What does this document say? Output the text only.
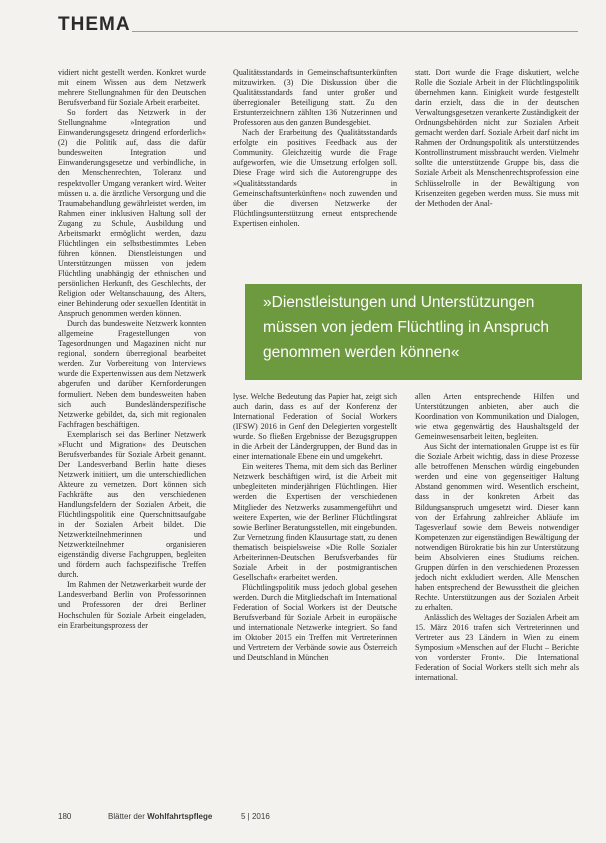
THEMA

vidiert nicht gestellt werden. Konkret wurde mit einem Wissen aus dem Netzwerk mehrere Stellungnahmen für den Deutschen Berufsverband für Soziale Arbeit erarbeitet.

So fordert das Netzwerk in der Stellungnahme »Integration und Einwanderungsgesetz dringend erforderlich« (2) die Politik auf, dass die dafür bundesweiten Integration und Einwanderungsgesetze und verbindliche, in den Menschenrechten, Toleranz und respektvoller Umgang verankert wird. Weiter müssen u. a. die ärztliche Versorgung und die Traumabehandlung gewährleistet werden, im Rahmen einer inklusiven Haltung soll der Zugang zu Schule, Ausbildung und Arbeitsmarkt ermöglicht werden, dazu Flüchtlingen ein selbstbestimmtes Leben führen können. Dienstleistungen und Unterstützungen müssen von jedem Flüchtling unabhängig der ethnischen und persönlichen Herkunft, des Geschlechts, der Religion oder Weltanschauung, des Alters, einer Behinderung oder sexuellen Identität in Anspruch genommen werden können.

Durch das bundesweite Netzwerk konnten allgemeine Fragestellungen von Tagesordnungen und Magazinen nicht nur regional, sondern überregional bearbeitet werden. Zur Vorbereitung von Interviews wurde die Expertenwissen aus dem Netzwerk abgerufen und darüber Kernforderungen formuliert. Neben dem bundesweiten haben sich auch Bundesländerspezifische Netzwerke gebildet, da, sich mit regionalen Fachfragen beschäftigen.

Exemplarisch sei das Berliner Netzwerk »Flucht und Migration« des Deutschen Berufsverbandes für Soziale Arbeit genannt. Der Landesverband Berlin hatte dieses Netzwerk initiiert, um die unterschiedlichen Akteure zu vernetzen. Dort können sich Fachkräfte aus den verschiedenen Handlungsfeldern der Sozialen Arbeit, die Flüchtlingspolitik eine Querschnittsaufgabe in der Sozialen Arbeit bildet. Die Netzwerkteilnehmerinnen und Netzwerkteilnehmer organisieren eigenständig diverse Fachgruppen, begleiten und fördern auch fachspezifische Treffen durch.

Im Rahmen der Netzwerkarbeit wurde der Landesverband Berlin von Professorinnen und Professoren der drei Berliner Hochschulen für Soziale Arbeit eingeladen, ein Erarbeitungsprozess der

Qualitätsstandards in Gemeinschaftsunterkünften mitzuwirken. (3) Die Diskussion über die Qualitätsstandards fand unter großer und überregionaler Beteiligung statt. Zu den Erstunterzeichnern zählten 136 Nutzerinnen und Professoren aus den ganzen Bundesgebiet.

Nach der Erarbeitung des Qualitätsstandards erfolgte ein positives Feedback aus der Community. Gleichzeitig wurde die Frage aufgeworfen, wie die Umsetzung erfolgen soll. Diese Frage wird sich die Autorengruppe des »Qualitätsstandards in Gemeinschaftsunterkünften« noch zuwenden und über die diversen Netzwerke der Flüchtlingsunterstützung erneut entsprechende Expertisen einholen.

statt. Dort wurde die Frage diskutiert, welche Rolle die Soziale Arbeit in der Flüchtlingspolitik übernehmen kann. Einigkeit wurde festgestellt darin erzielt, dass die in der deutschen Verwaltungsgesetzen verankerte Zuständigkeit der Ordnungsbehörden nicht zur Sozialen Arbeit gemacht werden darf. Soziale Arbeit darf nicht im Rahmen der Ordnungspolitik als unterstützendes Kontrollinstrument missbraucht werden. Vielmehr sollte die unterstützende Gruppe bis, dass die Soziale Arbeit als Menschenrechtsprofession eine Schlüsselrolle in der Bewältigung von Krisenzeiten gegeben werden muss. Sie muss mit der Methoden der Anal-

»Dienstleistungen und Unterstützungen müssen von jedem Flüchtling in Anspruch genommen werden können«

lyse. Welche Bedeutung das Papier hat, zeigt sich auch darin, dass es auf der Konferenz der International Federation of Social Workers (IFSW) 2016 in Genf den Delegierten vorgestellt wurde. So fließen Ergebnisse der Bezugsgruppen in die Arbeit der Ländergruppen, der Bund das in einer internationale Ebene ein und umgekehrt.

Ein weiteres Thema, mit dem sich das Berliner Netzwerk beschäftigen wird, ist die Arbeit mit unbegleiteten minderjährigen Flüchtlingen. Hier werden die Expertisen der verschiedenen Mitglieder des Netzwerks zusammengeführt und weitere Experten, wie der Berliner Flüchtlingsrat sowie Berliner Beratungsstellen, mit eingebunden. Zur Vernetzung finden Klausurtage statt, zu denen thematisch beispielsweise »Die Rolle Sozialer Arbeiterinnen-Deutschen Berufsverbandes für Soziale Arbeit in der postmigrantischen Gesellschaft« erarbeitet werden.

Flüchtlingspolitik muss jedoch global gesehen werden. Durch die Mitgliedschaft im International Federation of Social Workers ist der Deutsche Berufsverband für Soziale Arbeit in europäische und internationale Netzwerke integriert. So fand im Oktober 2015 ein Treffen mit Vertreterinnen und Vertretern der Verbände sowie aus Österreich und Deutschland in München

allen Arten entsprechende Hilfen und Unterstützungen anbieten, aber auch die Koordination von Kommunikation und Dialogen, wie etwa gegenwärtig des Haushaltsgeld der Gemeinwesensarbeit leiten, begleiten.

Aus Sicht der internationalen Gruppe ist es für die Soziale Arbeit wichtig, dass in diese Prozesse alle betroffenen Menschen würdig eingebunden werden und eine von gegenseitiger Haltung Abstand genommen wird. Wesentlich erscheint, dass in der konkreten Arbeit das Bildungsanspruch umgesetzt wird. Dieser kann von der Erfahrung zahlreicher Abläufe im Tagesverlauf sowie dem Beweis notwendiger Kompetenzen zur eigenständigen Bewältigung der notwendigen Bürokratie bis hin zur Unterstützung beim Absolvieren eines Studiums reichen. Gruppen dürfen in den verschiedenen Prozessen jedoch nicht exkludiert werden. Alle Menschen haben entsprechend der Bewusstheit die gleichen Rechte. Unterstützungen aus der Sozialen Arbeit zu erhalten.

Anlässlich des Weltages der Sozialen Arbeit am 15. März 2016 trafen sich Vertreterinnen und Vertreter aus 23 Ländern in Wien zu einem Symposium »Menschen auf der Flucht – Berichte von vorderster Front«. Die International Federation of Social Workers stellt sich mehr als international.

180	Blätter der Wohlfahrtspflege	5 | 2016
